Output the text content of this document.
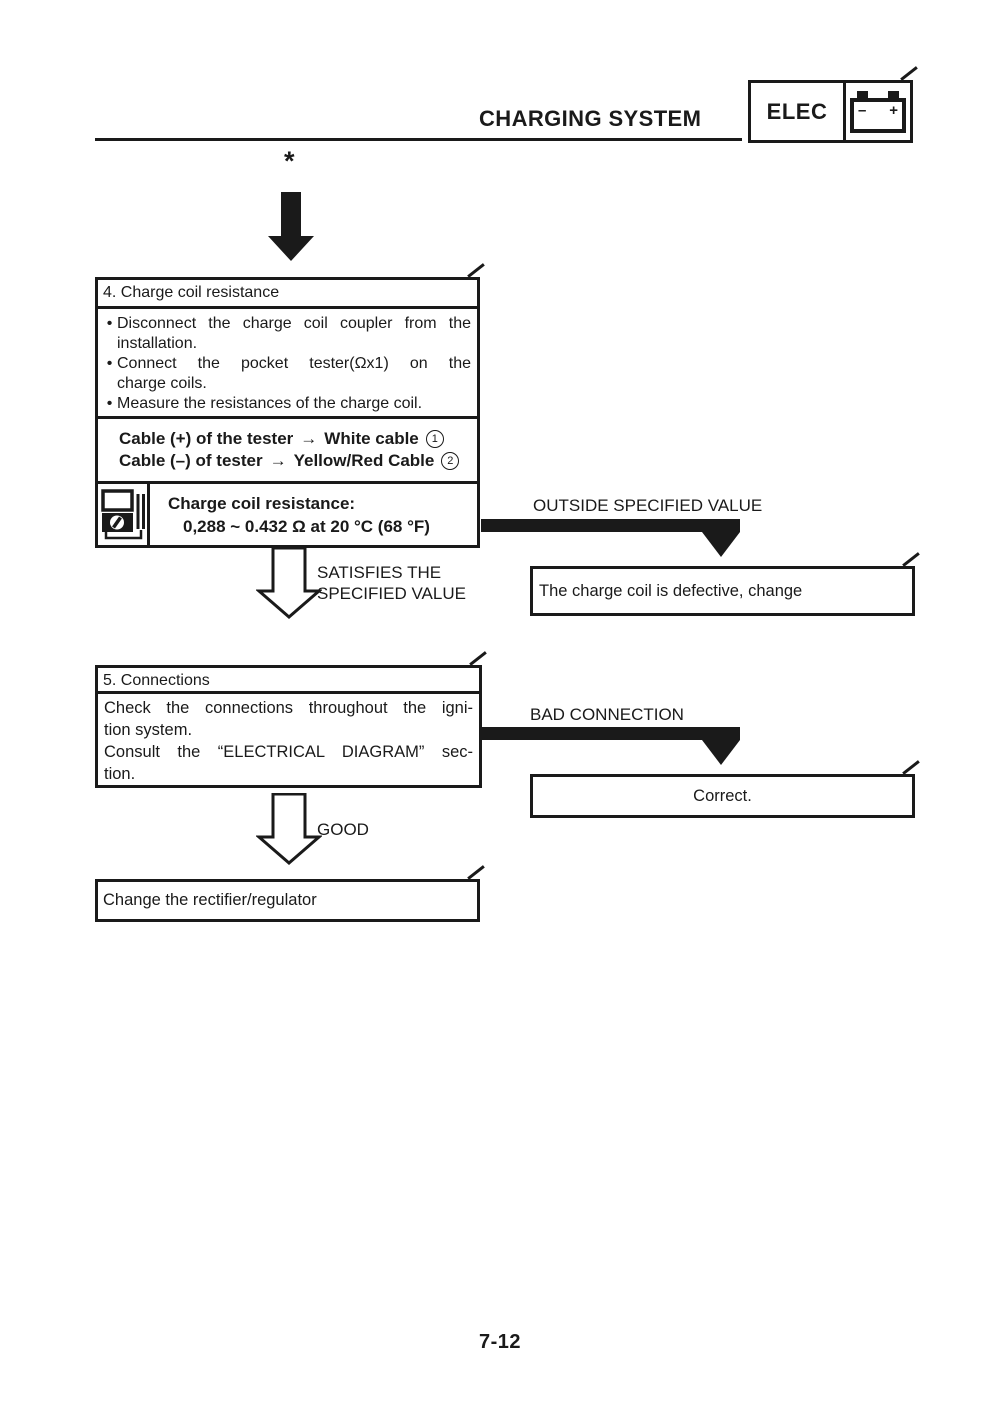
CHARGING SYSTEM	ELEC	– +
*
4. Charge coil resistance
• Disconnect the charge coil coupler from the
installation.
• Connect the pocket tester(Ωx1) on the
charge coils.
• Measure the resistances of the charge coil.
Cable (+) of the tester → White cable	1
Cable (–) of tester → Yellow/Red Cable	2
Charge coil resistance:
0,288 ~ 0.432 Ω at 20 °C (68 °F)
OUTSIDE SPECIFIED VALUE
The charge coil is defective, change
SATISFIES THE
SPECIFIED VALUE
5. Connections
Check the connections throughout the igni-
tion system.
Consult the “ELECTRICAL DIAGRAM” sec-
tion.
BAD CONNECTION
Correct.
GOOD
Change the rectifier/regulator
7-12
